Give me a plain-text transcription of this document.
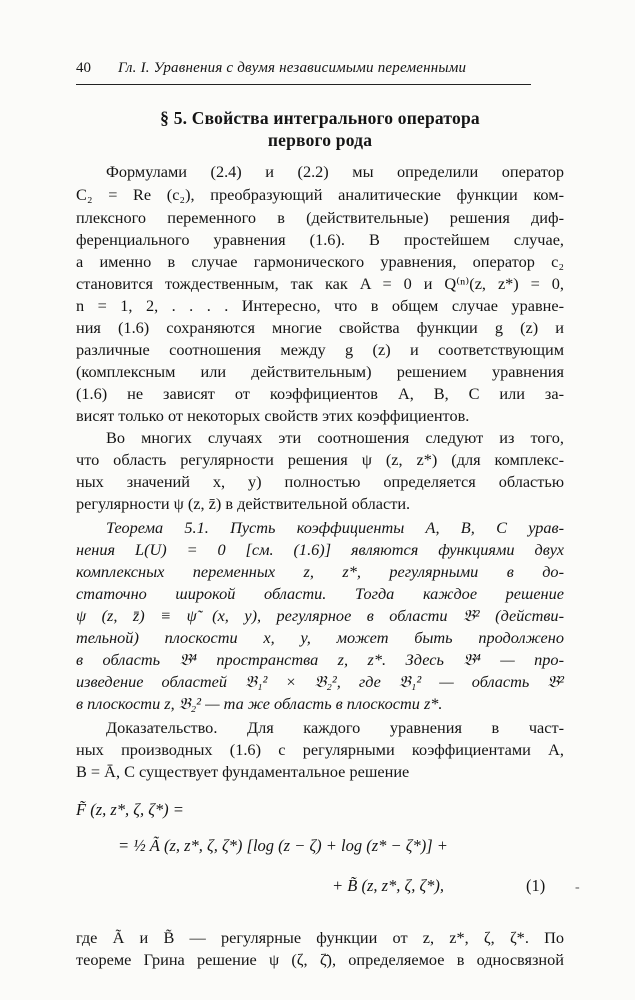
40 Гл. I. Уравнения с двумя независимыми переменными
§ 5. Свойства интегрального оператора
первого рода
Формулами (2.4) и (2.2) мы определили оператор
C₂ = Re (c₂), преобразующий аналитические функции ком-
плексного переменного в (действительные) решения диф-
ференциального уравнения (1.6). В простейшем случае,
а именно в случае гармонического уравнения, оператор c₂
становится тождественным, так как A = 0 и Q⁽ⁿ⁾(z, z*) = 0,
n = 1, 2, . . . . Интересно, что в общем случае уравне-
ния (1.6) сохраняются многие свойства функции g (z) и
различные соотношения между g (z) и соответствующим
(комплексным или действительным) решением уравнения
(1.6) не зависят от коэффициентов A, B, C или за-
висят только от некоторых свойств этих коэффициентов.
Во многих случаях эти соотношения следуют из того,
что область регулярности решения ψ (z, z*) (для комплекс-
ных значений x, y) полностью определяется областью
регулярности ψ (z, z̄) в действительной области.
Теорема 5.1. Пусть коэффициенты A, B, C урав-
нения L(U) = 0 [см. (1.6)] являются функциями двух
комплексных переменных z, z*, регулярными в до-
статочно широкой области. Тогда каждое решение
ψ (z, z̄) ≡ ψ̃ (x, y), регулярное в области 𝔅² (действи-
тельной) плоскости x, y, может быть продолжено
в область 𝔅⁴ пространства z, z*. Здесь 𝔅⁴ — про-
изведение областей 𝔅₁² × 𝔅₂², где 𝔅₁² — область 𝔅²
в плоскости z, 𝔅₂² — та же область в плоскости z*.
Доказательство. Для каждого уравнения в част-
ных производных (1.6) с регулярными коэффициентами A,
B = Ā, C существует фундаментальное решение
F̃ (z, z*, ζ, ζ*) =
= ½ Ã (z, z*, ζ, ζ*) [log (z − ζ) + log (z* − ζ*)] +
+ B̃ (z, z*, ζ, ζ*),	(1) -
где Ã и B̃ — регулярные функции от z, z*, ζ, ζ*. По
теореме Грина решение ψ (ζ, ζ̄), определяемое в односвязной
